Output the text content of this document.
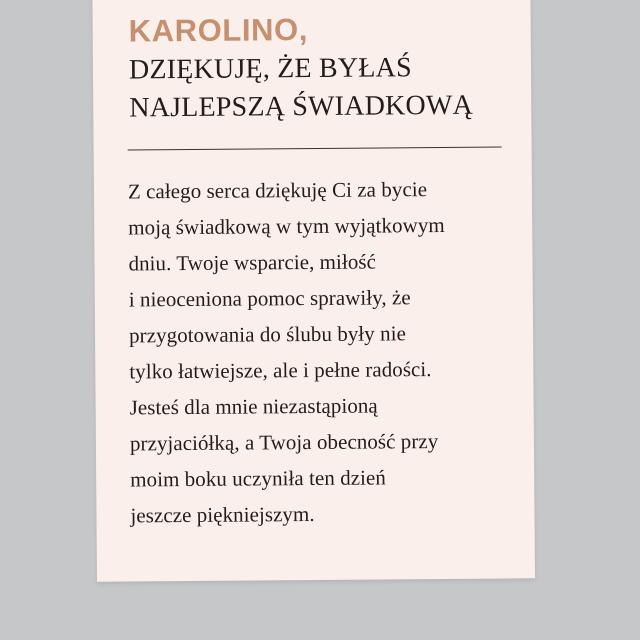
KAROLINO,

DZIĘKUJĘ, ŻE BYŁAŚ

NAJLEPSZĄ ŚWIADKOWĄ

Z całego serca dziękuję Ci za bycie
moją świadkową w tym wyjątkowym
dniu. Twoje wsparcie, miłość
i nieoceniona pomoc sprawiły, że
przygotowania do ślubu były nie
tylko łatwiejsze, ale i pełne radości.
Jesteś dla mnie niezastąpioną
przyjaciółką, a Twoja obecność przy
moim boku uczyniła ten dzień
jeszcze piękniejszym.
